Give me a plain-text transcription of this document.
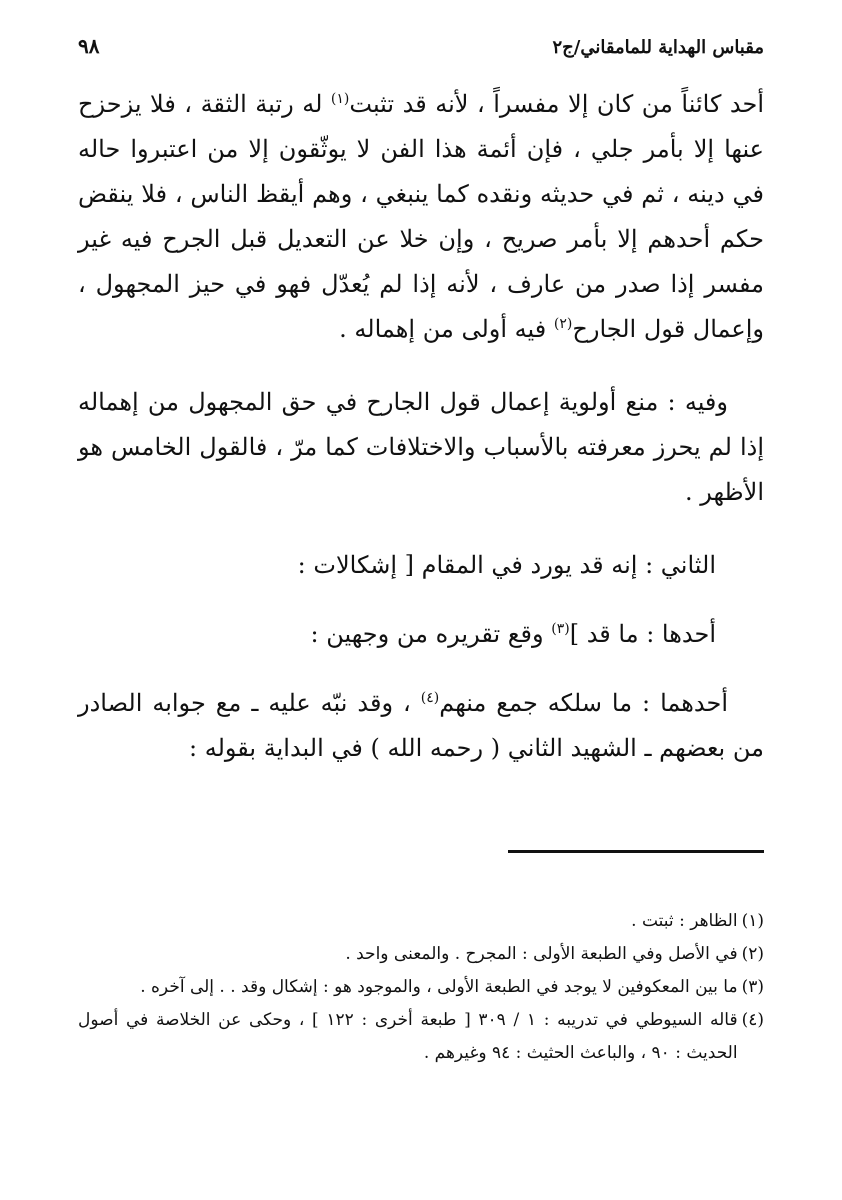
مقباس الهداية للمامقاني/ج٢
٩٨

أحد كائناً من كان إلا مفسراً ، لأنه قد تثبت$^{(١)}$ له رتبة الثقة ، فلا يزحزح عنها إلا بأمر جلي ، فإن أئمة هذا الفن لا يوثّقون إلا من اعتبروا حاله في دينه ، ثم في حديثه ونقده كما ينبغي ، وهم أيقظ الناس ، فلا ينقض حكم أحدهم إلا بأمر صريح ، وإن خلا عن التعديل قبل الجرح فيه غير مفسر إذا صدر من عارف ، لأنه إذا لم يُعدّل فهو في حيز المجهول ، وإعمال قول الجارح$^{(٢)}$ فيه أولى من إهماله .

وفيه : منع أولوية إعمال قول الجارح في حق المجهول من إهماله إذا لم يحرز معرفته بالأسباب والاختلافات كما مرّ ، فالقول الخامس هو الأظهر .

الثاني : إنه قد يورد في المقام [ إشكالات :

أحدها : ما قد ]$^{(٣)}$ وقع تقريره من وجهين :

أحدهما : ما سلكه جمع منهم$^{(٤)}$ ، وقد نبّه عليه ـ مع جوابه الصادر من بعضهم ـ الشهيد الثاني ( رحمه الله ) في البداية بقوله :

(١)
الظاهر : ثبتت .
(٢)
في الأصل وفي الطبعة الأولى : المجرح . والمعنى واحد .
(٣)
ما بين المعكوفين لا يوجد في الطبعة الأولى ، والموجود هو : إشكال وقد . . إلى آخره .
(٤)
قاله السيوطي في تدريبه : ١ / ٣٠٩ [ طبعة أخرى : ١٢٢ ] ، وحكى عن الخلاصة في أصول الحديث : ٩٠ ، والباعث الحثيث : ٩٤ وغيرهم .
